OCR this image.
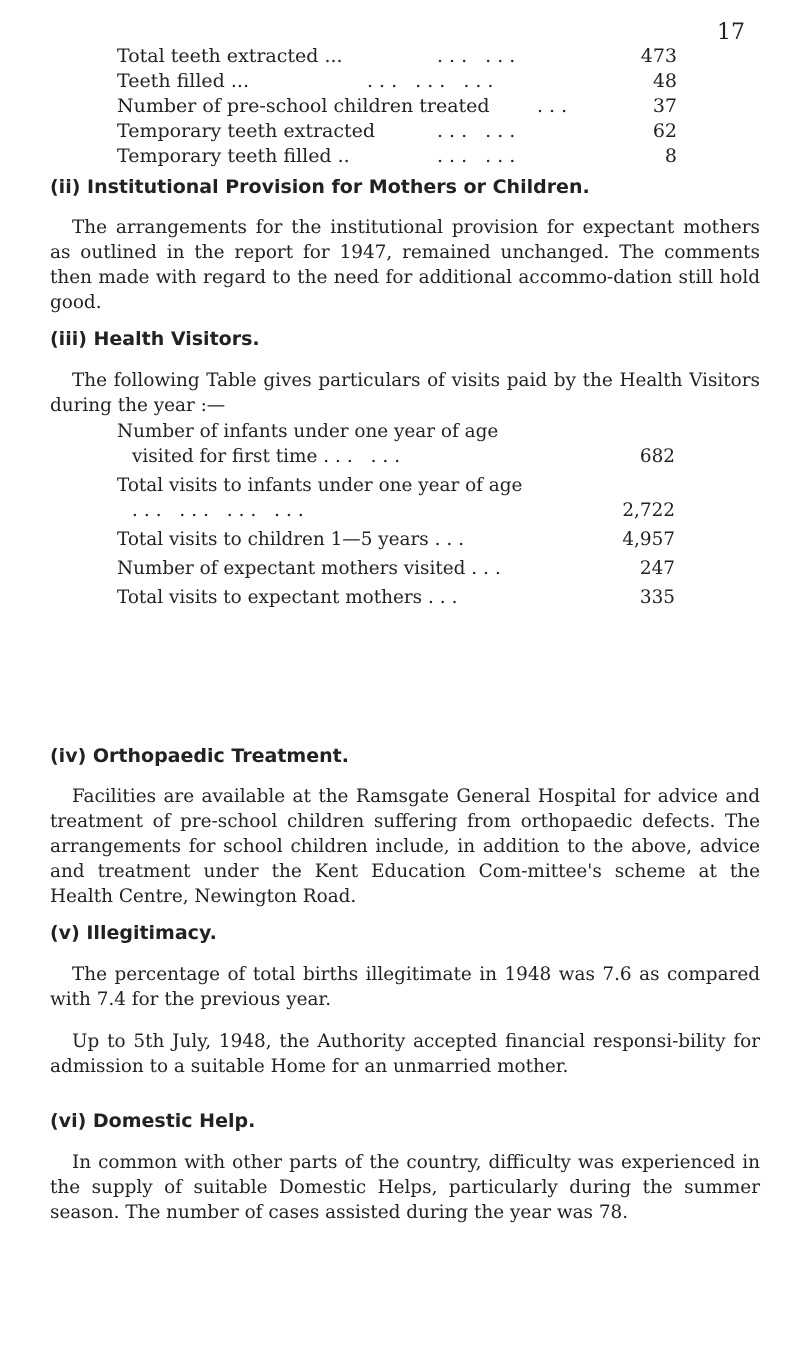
17
Total teeth extracted ...	... ...	473
Teeth filled ...	... ... ...	48
Number of pre-school children treated ...	37
Temporary teeth extracted	... ...	62
Temporary teeth filled ..	... ...	8
(ii) Institutional Provision for Mothers or Children.

The arrangements for the institutional provision for expectant mothers as outlined in the report for 1947, remained unchanged. The comments then made with regard to the need for additional accommo-dation still hold good.

(iii) Health Visitors.

The following Table gives particulars of visits paid by the Health Visitors during the year :—

Number of infants under one year of age visited for first time ... ...	682
Total visits to infants under one year of age ... ... ... ...	2,722
Total visits to children 1—5 years ...	4,957
Number of expectant mothers visited ...	247
Total visits to expectant mothers ...	335
(iv) Orthopaedic Treatment.

Facilities are available at the Ramsgate General Hospital for advice and treatment of pre-school children suffering from orthopaedic defects. The arrangements for school children include, in addition to the above, advice and treatment under the Kent Education Com-mittee's scheme at the Health Centre, Newington Road.

(v) Illegitimacy.

The percentage of total births illegitimate in 1948 was 7.6 as compared with 7.4 for the previous year.

Up to 5th July, 1948, the Authority accepted financial responsi-bility for admission to a suitable Home for an unmarried mother.

(vi) Domestic Help.

In common with other parts of the country, difficulty was experienced in the supply of suitable Domestic Helps, particularly during the summer season. The number of cases assisted during the year was 78.
